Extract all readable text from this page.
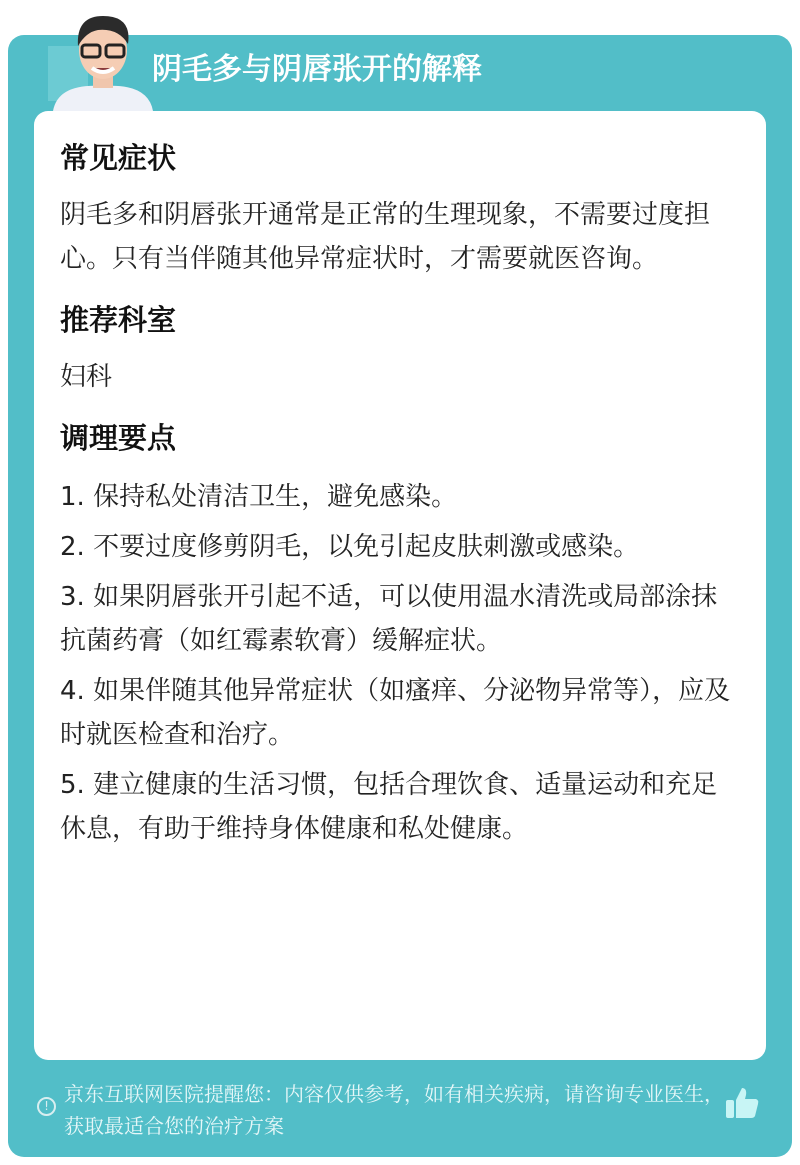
阴毛多与阴唇张开的解释
常见症状

阴毛多和阴唇张开通常是正常的生理现象，不需要过度担心。只有当伴随其他异常症状时，才需要就医咨询。

推荐科室

妇科

调理要点

1. 保持私处清洁卫生，避免感染。

2. 不要过度修剪阴毛，以免引起皮肤刺激或感染。

3. 如果阴唇张开引起不适，可以使用温水清洗或局部涂抹抗菌药膏（如红霉素软膏）缓解症状。

4. 如果伴随其他异常症状（如瘙痒、分泌物异常等），应及时就医检查和治疗。

5. 建立健康的生活习惯，包括合理饮食、适量运动和充足休息，有助于维持身体健康和私处健康。

! 京东互联网医院提醒您：内容仅供参考，如有相关疾病，请咨询专业医生，获取最适合您的治疗方案
